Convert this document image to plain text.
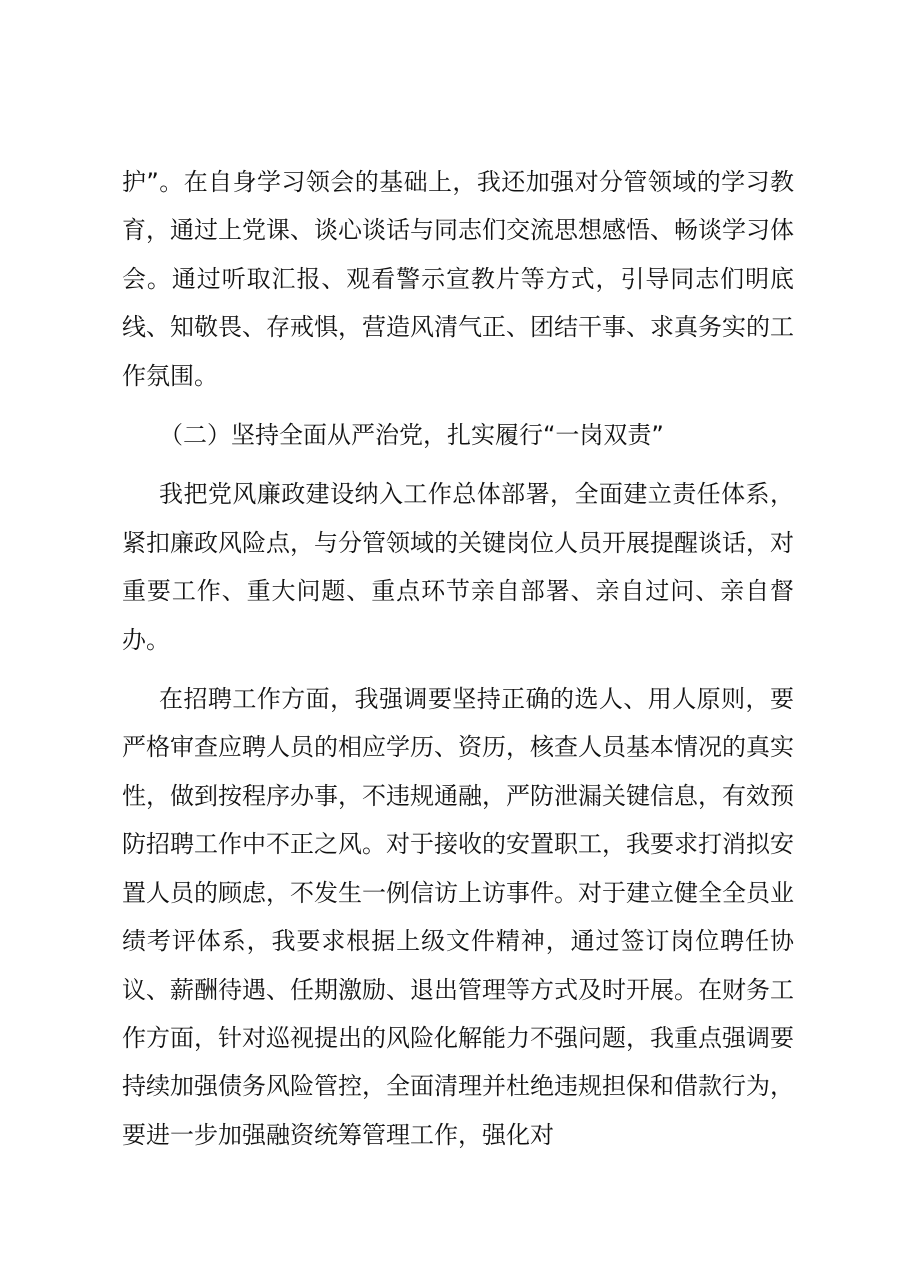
护”。在自身学习领会的基础上，我还加强对分管领域的学习教育，通过上党课、谈心谈话与同志们交流思想感悟、畅谈学习体会。通过听取汇报、观看警示宣教片等方式，引导同志们明底线、知敬畏、存戒惧，营造风清气正、团结干事、求真务实的工作氛围。

（二）坚持全面从严治党，扎实履行“一岗双责”

我把党风廉政建设纳入工作总体部署，全面建立责任体系，紧扣廉政风险点，与分管领域的关键岗位人员开展提醒谈话，对重要工作、重大问题、重点环节亲自部署、亲自过问、亲自督办。

在招聘工作方面，我强调要坚持正确的选人、用人原则，要严格审查应聘人员的相应学历、资历，核查人员基本情况的真实性，做到按程序办事，不违规通融，严防泄漏关键信息，有效预防招聘工作中不正之风。对于接收的安置职工，我要求打消拟安置人员的顾虑，不发生一例信访上访事件。对于建立健全全员业绩考评体系，我要求根据上级文件精神，通过签订岗位聘任协议、薪酬待遇、任期激励、退出管理等方式及时开展。在财务工作方面，针对巡视提出的风险化解能力不强问题，我重点强调要持续加强债务风险管控，全面清理并杜绝违规担保和借款行为，要进一步加强融资统筹管理工作，强化对
